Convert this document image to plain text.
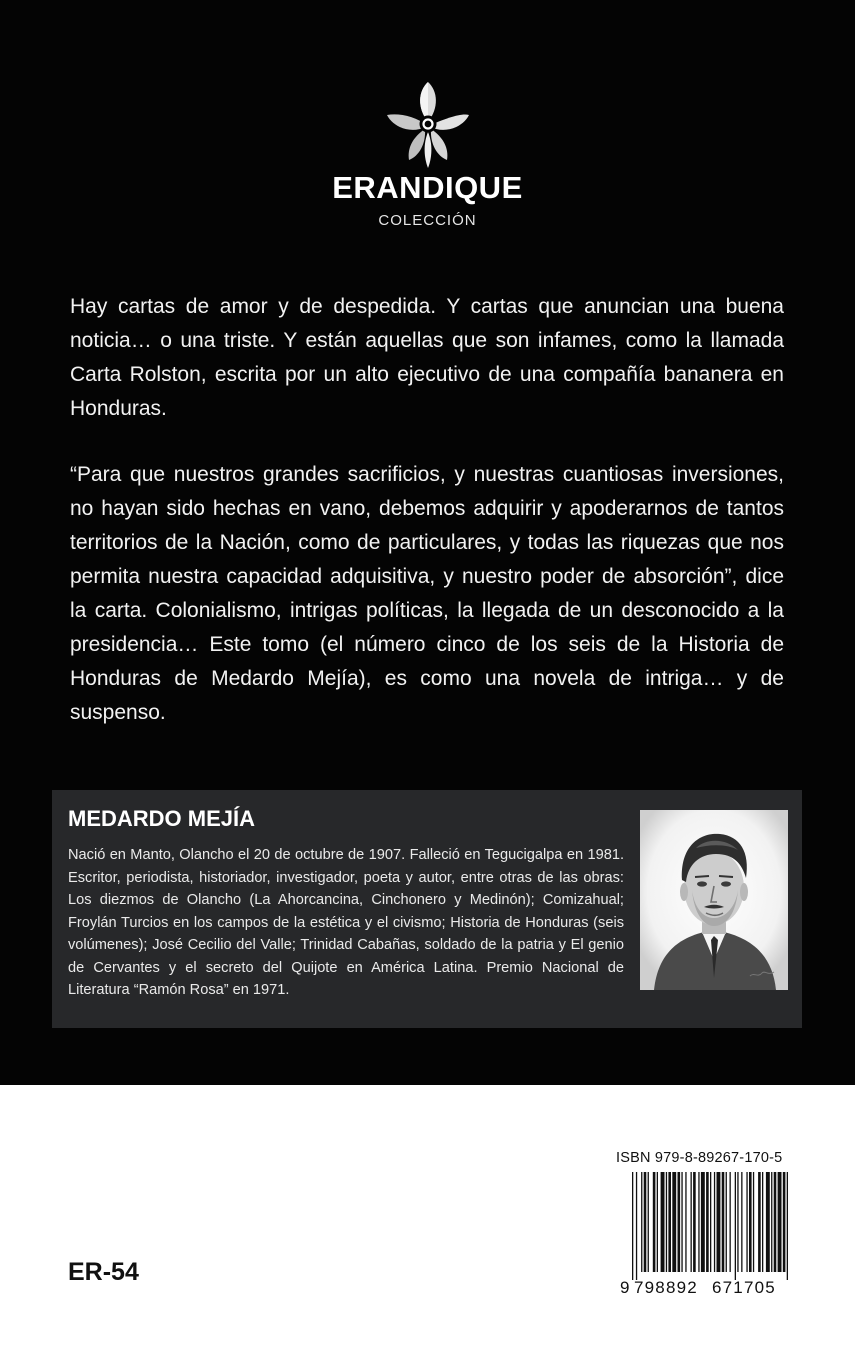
ERANDIQUE
COLECCIÓN

Hay cartas de amor y de despedida. Y cartas que anuncian una buena noticia… o una triste. Y están aquellas que son infames, como la llamada Carta Rolston, escrita por un alto ejecutivo de una compañía bananera en Honduras.

“Para que nuestros grandes sacrificios, y nuestras cuantiosas inversiones, no hayan sido hechas en vano, debemos adquirir y apoderarnos de tantos territorios de la Nación, como de particulares, y todas las riquezas que nos permita nuestra capacidad adquisitiva, y nuestro poder de absorción”, dice la carta. Colonialismo, intrigas políticas, la llegada de un desconocido a la presidencia… Este tomo (el número cinco de los seis de la Historia de Honduras de Medardo Mejía), es como una novela de intriga… y de suspenso.

MEDARDO MEJÍA

Nació en Manto, Olancho el 20 de octubre de 1907. Falleció en Tegucigalpa en 1981. Escritor, periodista, historiador, investigador, poeta y autor, entre otras de las obras: Los diezmos de Olancho (La Ahorcancina, Cinchonero y Medinón); Comizahual; Froylán Turcios en los campos de la estética y el civismo; Historia de Honduras (seis volúmenes); José Cecilio del Valle; Trinidad Cabañas, soldado de la patria y El genio de Cervantes y el secreto del Quijote en América Latina. Premio Nacional de Literatura “Ramón Rosa” en 1971.

ER-54

ISBN 979-8-89267-170-5

9 798892 671705
